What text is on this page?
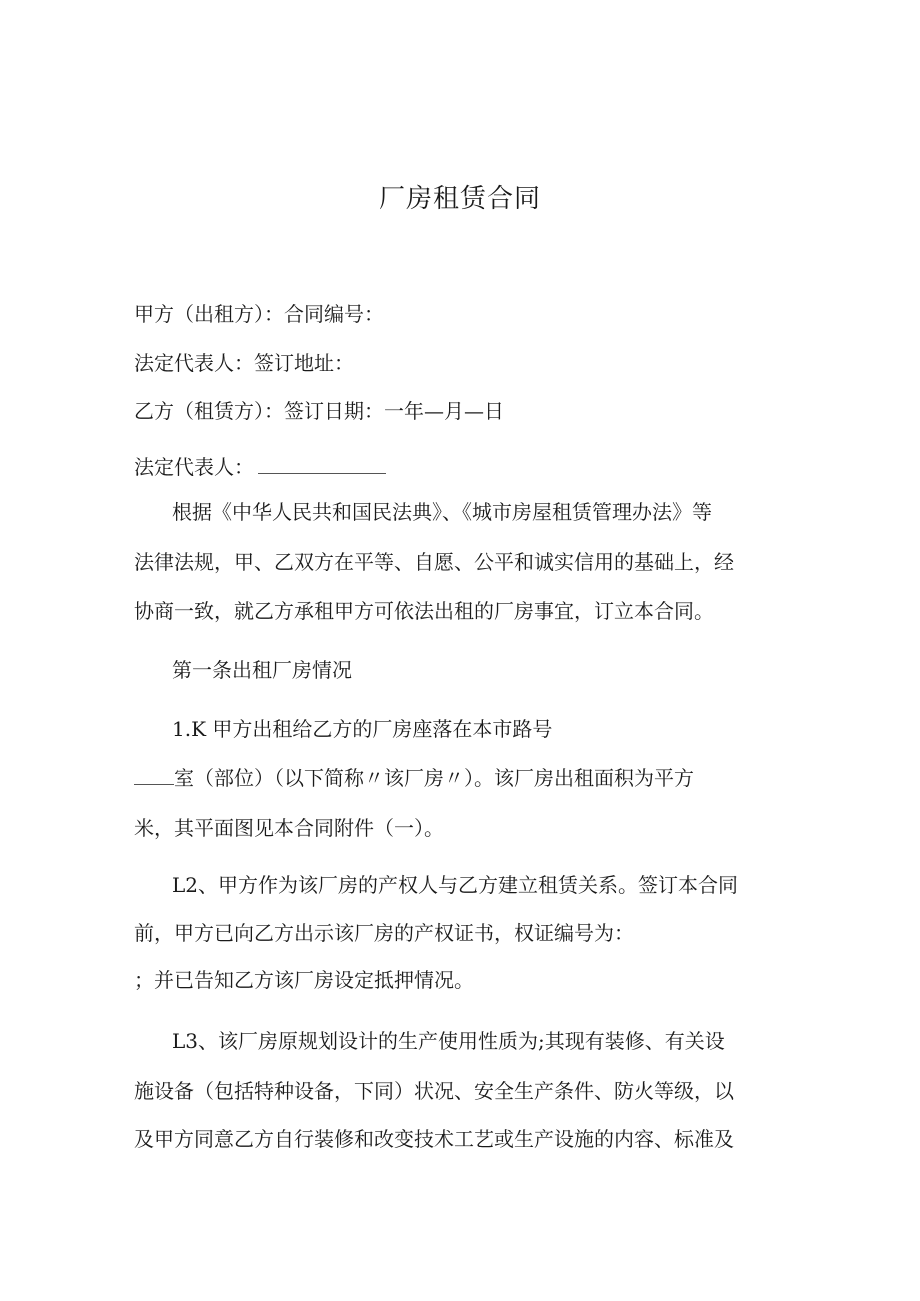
厂房租赁合同
甲方（出租方）：合同编号：
法定代表人：签订地址：
乙方（租赁方）：签订日期：一年—月—日
法定代表人：
根据《中华人民共和国民法典》、《城市房屋租赁管理办法》等
法律法规，甲、乙双方在平等、自愿、公平和诚实信用的基础上，经
协商一致，就乙方承租甲方可依法出租的厂房事宜，订立本合同。
第一条出租厂房情况
1.K 甲方出租给乙方的厂房座落在本市路号
室（部位）（以下简称〃该厂房〃）。该厂房出租面积为平方
米，其平面图见本合同附件（一）。
L2、甲方作为该厂房的产权人与乙方建立租赁关系。签订本合同
前，甲方已向乙方出示该厂房的产权证书，权证编号为：
；并已告知乙方该厂房设定抵押情况。
L3、该厂房原规划设计的生产使用性质为;其现有装修、有关设
施设备（包括特种设备，下同）状况、安全生产条件、防火等级，以
及甲方同意乙方自行装修和改变技术工艺或生产设施的内容、标准及
